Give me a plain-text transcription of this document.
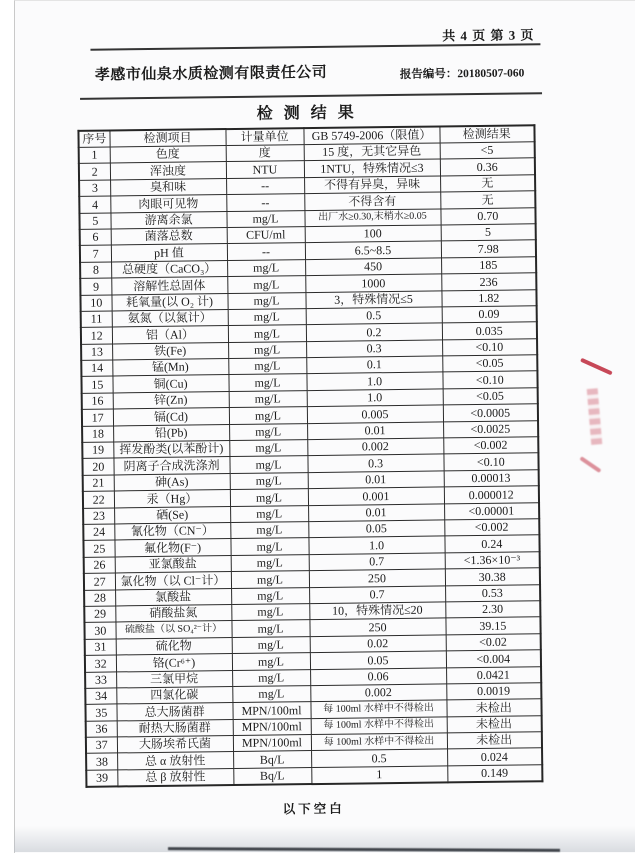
共 4 页 第 3 页
孝感市仙泉水质检测有限责任公司	报告编号：20180507-060
检测结果
序号	检测项目	计量单位	GB 5749-2006（限值）	检测结果
1	色度	度	15 度，无其它异色	<5
2	浑浊度	NTU	1NTU，特殊情况≤3	0.36
3	臭和味	--	不得有异臭，异味	无
4	肉眼可见物	--	不得含有	无
5	游离余氯	mg/L	出厂水≥0.30,末梢水≥0.05	0.70
6	菌落总数	CFU/ml	100	5
7	pH 值	--	6.5~8.5	7.98
8	总硬度（CaCO₃）	mg/L	450	185
9	溶解性总固体	mg/L	1000	236
10	耗氧量(以 O₂ 计)	mg/L	3，特殊情况≤5	1.82
11	氨氮（以氮计）	mg/L	0.5	0.09
12	铝（Al）	mg/L	0.2	0.035
13	铁(Fe)	mg/L	0.3	<0.10
14	锰(Mn)	mg/L	0.1	<0.05
15	铜(Cu)	mg/L	1.0	<0.10
16	锌(Zn)	mg/L	1.0	<0.05
17	镉(Cd)	mg/L	0.005	<0.0005
18	铅(Pb)	mg/L	0.01	<0.0025
19	挥发酚类(以苯酚计)	mg/L	0.002	<0.002
20	阴离子合成洗涤剂	mg/L	0.3	<0.10
21	砷(As)	mg/L	0.01	0.00013
22	汞（Hg）	mg/L	0.001	0.000012
23	硒(Se)	mg/L	0.01	<0.00001
24	氰化物（CN⁻）	mg/L	0.05	<0.002
25	氟化物(F⁻)	mg/L	1.0	0.24
26	亚氯酸盐	mg/L	0.7	<1.36×10⁻³
27	氯化物（以 Cl⁻计）	mg/L	250	30.38
28	氯酸盐	mg/L	0.7	0.53
29	硝酸盐氮	mg/L	10，特殊情况≤20	2.30
30	硫酸盐（以 SO₄²⁻计）	mg/L	250	39.15
31	硫化物	mg/L	0.02	<0.02
32	铬(Cr⁶⁺)	mg/L	0.05	<0.004
33	三氯甲烷	mg/L	0.06	0.0421
34	四氯化碳	mg/L	0.002	0.0019
35	总大肠菌群	MPN/100ml	每 100ml 水样中不得检出	未检出
36	耐热大肠菌群	MPN/100ml	每 100ml 水样中不得检出	未检出
37	大肠埃希氏菌	MPN/100ml	每 100ml 水样中不得检出	未检出
38	总 α 放射性	Bq/L	0.5	0.024
39	总 β 放射性	Bq/L	1	0.149
以下空白
